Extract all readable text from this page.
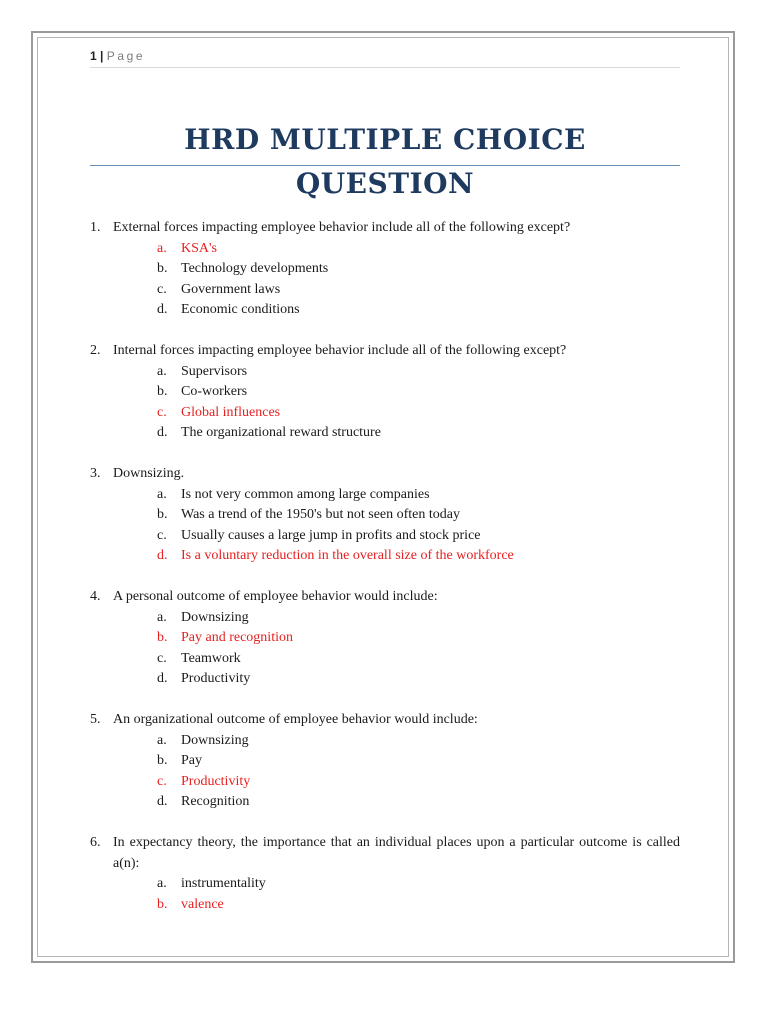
1 | Page
HRD MULTIPLE CHOICE QUESTION
1. External forces impacting employee behavior include all of the following except?
a.	KSA's
b. Technology developments
c.	Government laws
d. Economic conditions
2. Internal forces impacting employee behavior include all of the following except?
a.	Supervisors
b. Co-workers
c.	Global influences
d. The organizational reward structure
3. Downsizing.
a.	Is not very common among large companies
b. Was a trend of the 1950's but not seen often today
c.	Usually causes a large jump in profits and stock price
d. Is a voluntary reduction in the overall size of the workforce
4. A personal outcome of employee behavior would include:
a.	Downsizing
b. Pay and recognition
c.	Teamwork
d. Productivity
5. An organizational outcome of employee behavior would include:
a.	Downsizing
b. Pay
c.	Productivity
d. Recognition
6. In expectancy theory, the importance that an individual places upon a particular outcome is called a(n):
a.	instrumentality
b. valence
